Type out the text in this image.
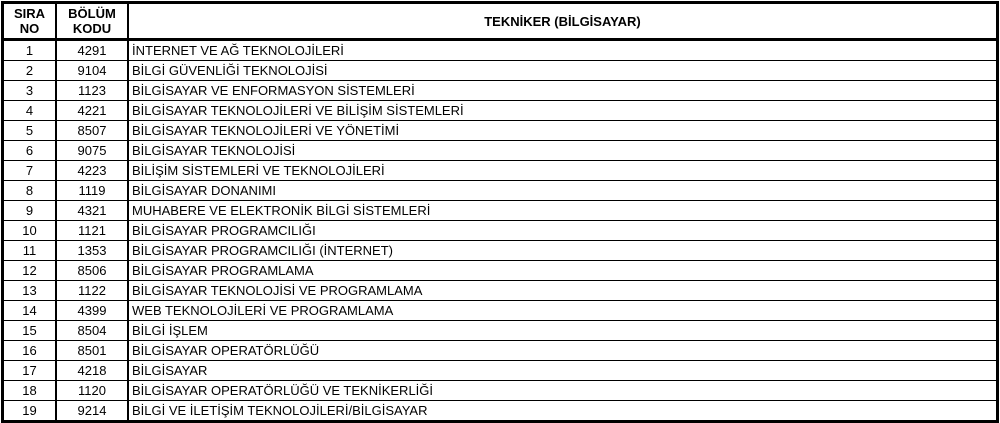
SIRA NO	BÖLÜM KODU	TEKNİKER (BİLGİSAYAR)
1	4291	İNTERNET VE AĞ TEKNOLOJİLERİ
2	9104	BİLGİ GÜVENLİĞİ TEKNOLOJİSİ
3	1123	BİLGİSAYAR VE ENFORMASYON SİSTEMLERİ
4	4221	BİLGİSAYAR TEKNOLOJİLERİ VE BİLİŞİM SİSTEMLERİ
5	8507	BİLGİSAYAR TEKNOLOJİLERİ VE YÖNETİMİ
6	9075	BİLGİSAYAR TEKNOLOJİSİ
7	4223	BİLİŞİM SİSTEMLERİ VE TEKNOLOJİLERİ
8	1119	BİLGİSAYAR DONANIMI
9	4321	MUHABERE VE ELEKTRONİK BİLGİ SİSTEMLERİ
10	1121	BİLGİSAYAR PROGRAMCILIĞI
11	1353	BİLGİSAYAR PROGRAMCILIĞI (İNTERNET)
12	8506	BİLGİSAYAR PROGRAMLAMA
13	1122	BİLGİSAYAR TEKNOLOJİSİ VE PROGRAMLAMA
14	4399	WEB TEKNOLOJİLERİ VE PROGRAMLAMA
15	8504	BİLGİ İŞLEM
16	8501	BİLGİSAYAR OPERATÖRLÜĞÜ
17	4218	BİLGİSAYAR
18	1120	BİLGİSAYAR OPERATÖRLÜĞÜ VE TEKNİKERLİĞİ
19	9214	BİLGİ VE İLETİŞİM TEKNOLOJİLERİ/BİLGİSAYAR
